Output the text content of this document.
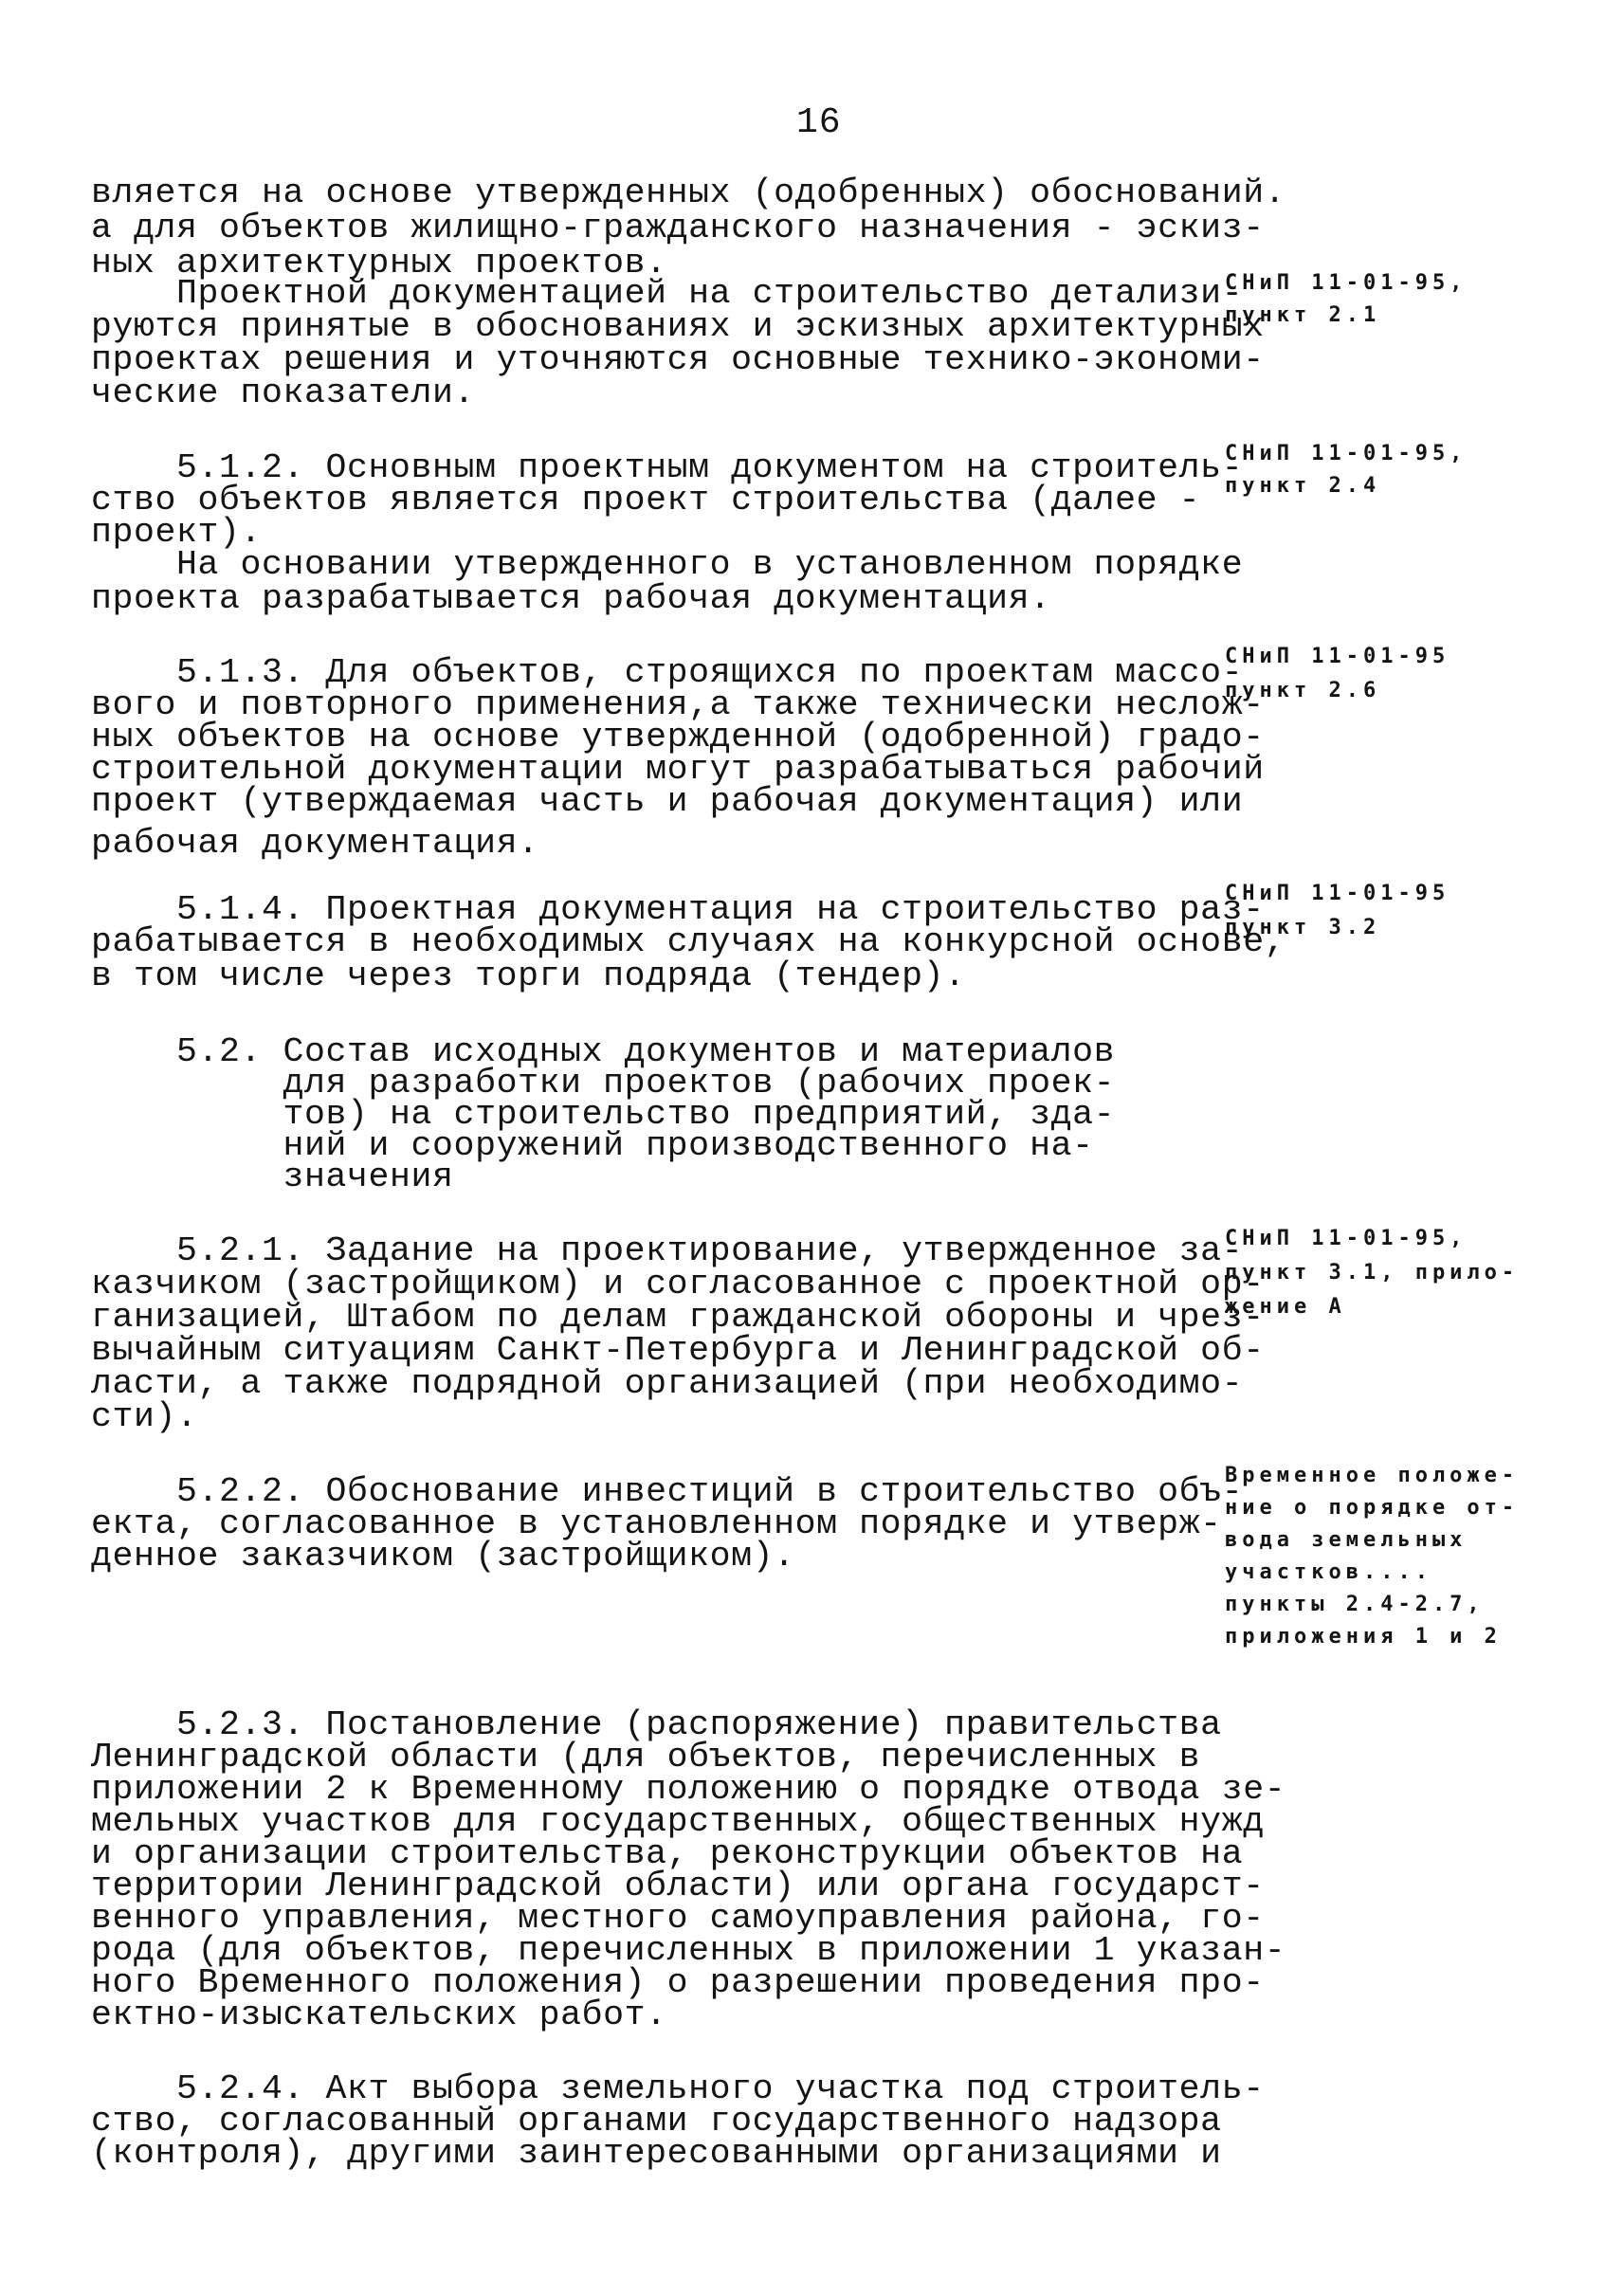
16
вляется на основе утвержденных (одобренных) обоснований.
а для объектов жилищно-гражданского назначения - эскиз-
ных архитектурных проектов.
Проектной документацией на строительство детализи-
руются принятые в обоснованиях и эскизных архитектурных
проектах решения и уточняются основные технико-экономи-
ческие показатели.
5.1.2. Основным проектным документом на строитель-
ство объектов является проект строительства (далее -
проект).
На основании утвержденного в установленном порядке
проекта разрабатывается рабочая документация.
5.1.3. Для объектов, строящихся по проектам массо-
вого и повторного применения,а также технически неслож-
ных объектов на основе утвержденной (одобренной) градо-
строительной документации могут разрабатываться рабочий
проект (утверждаемая часть и рабочая документация) или
рабочая документация.
5.1.4. Проектная документация на строительство раз-
рабатывается в необходимых случаях на конкурсной основе,
в том числе через торги подряда (тендер).
5.2. Состав исходных документов и материалов
для разработки проектов (рабочих проек-
тов) на строительство предприятий, зда-
ний и сооружений производственного на-
значения
5.2.1. Задание на проектирование, утвержденное за-
казчиком (застройщиком) и согласованное с проектной ор-
ганизацией, Штабом по делам гражданской обороны и чрез-
вычайным ситуациям Санкт-Петербурга и Ленинградской об-
ласти, а также подрядной организацией (при необходимо-
сти).
5.2.2. Обоснование инвестиций в строительство объ-
екта, согласованное в установленном порядке и утверж-
денное заказчиком (застройщиком).
5.2.3. Постановление (распоряжение) правительства
Ленинградской области (для объектов, перечисленных в
приложении 2 к Временному положению о порядке отвода зе-
мельных участков для государственных, общественных нужд
и организации строительства, реконструкции объектов на
территории Ленинградской области) или органа государст-
венного управления, местного самоуправления района, го-
рода (для объектов, перечисленных в приложении 1 указан-
ного Временного положения) о разрешении проведения про-
ектно-изыскательских работ.
5.2.4. Акт выбора земельного участка под строитель-
ство, согласованный органами государственного надзора
(контроля), другими заинтересованными организациями и
СНиП 11-01-95,
пункт 2.1
СНиП 11-01-95,
пункт 2.4
СНиП 11-01-95
пункт 2.6
СНиП 11-01-95
пункт 3.2
СНиП 11-01-95,
пункт 3.1, прило-
жение А
Временное положе-
ние о порядке от-
вода земельных
участков....
пункты 2.4-2.7,
приложения 1 и 2
